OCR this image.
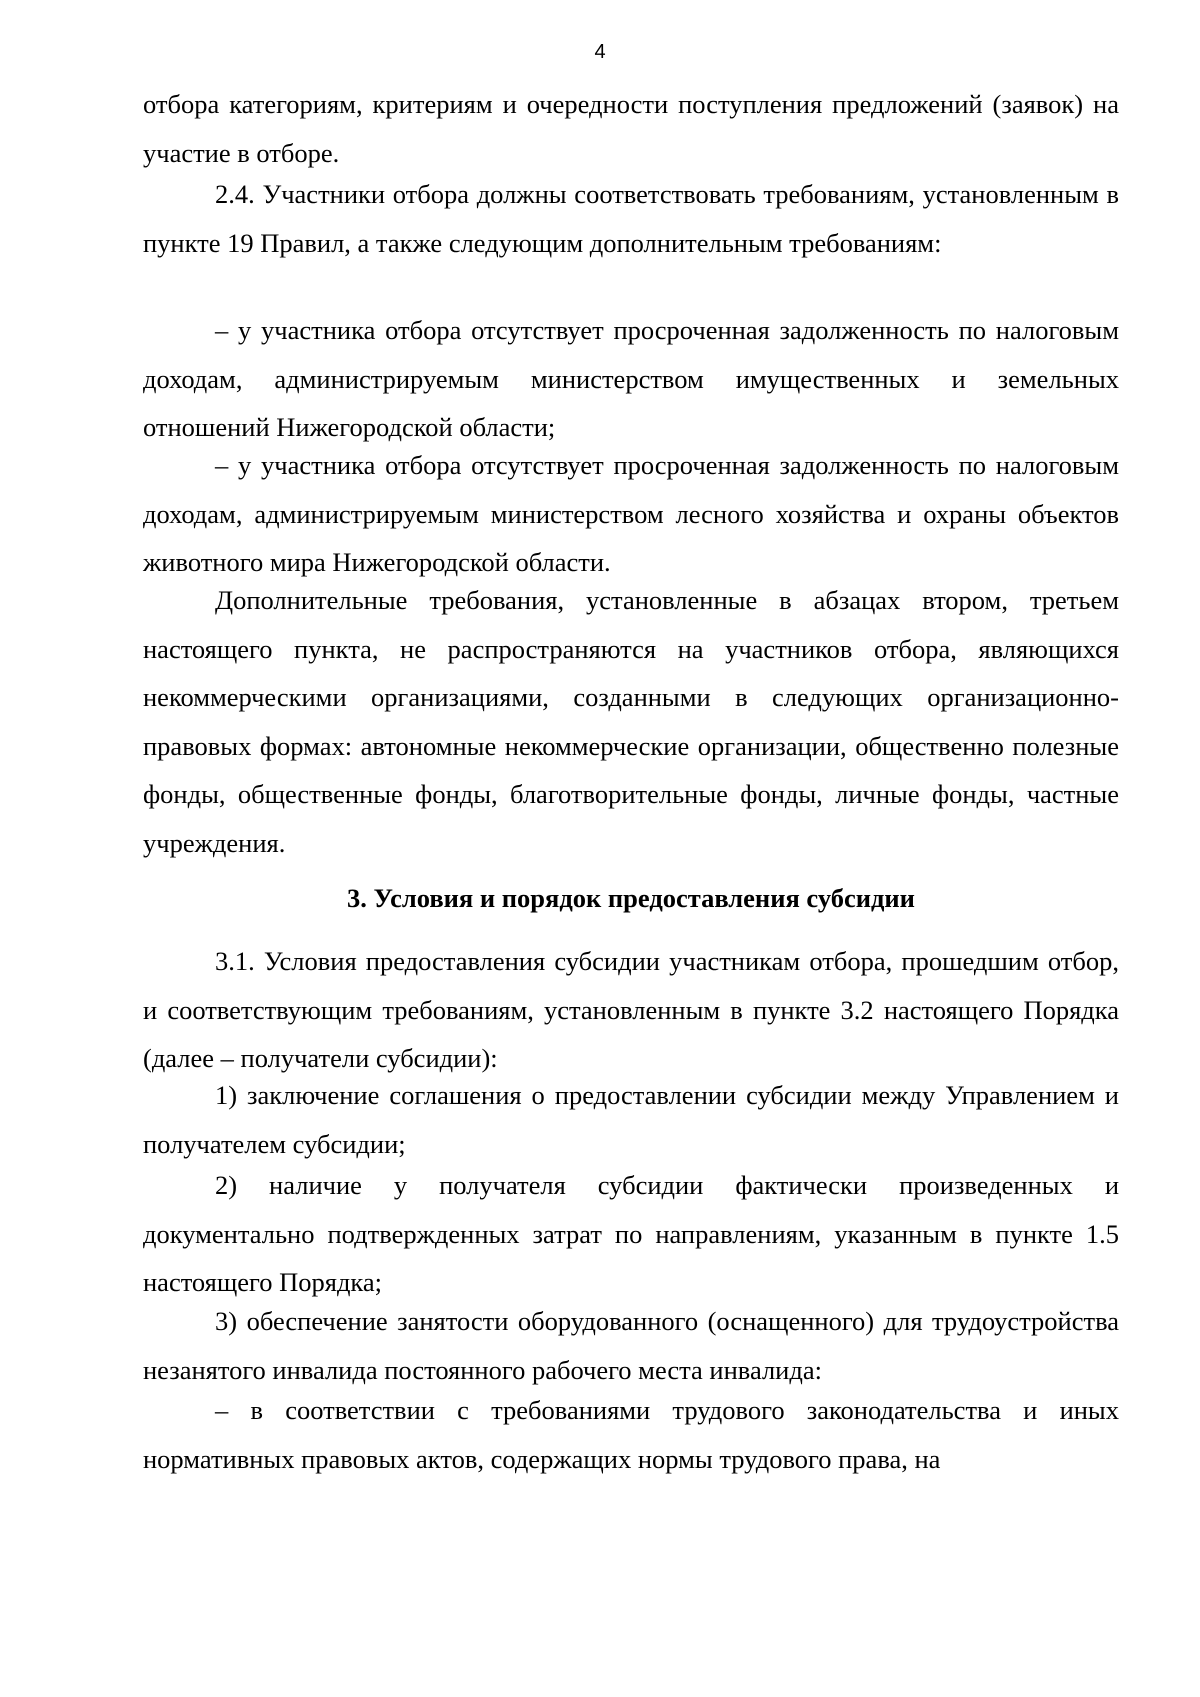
4

отбора категориям, критериям и очередности поступления предложений (заявок) на участие в отборе.

2.4. Участники отбора должны соответствовать требованиям, установленным в пункте 19 Правил, а также следующим дополнительным требованиям:

– у участника отбора отсутствует просроченная задолженность по налоговым доходам, администрируемым министерством имущественных и земельных отношений Нижегородской области;

– у участника отбора отсутствует просроченная задолженность по налоговым доходам, администрируемым министерством лесного хозяйства и охраны объектов животного мира Нижегородской области.

Дополнительные требования, установленные в абзацах втором, третьем настоящего пункта, не распространяются на участников отбора, являющихся некоммерческими организациями, созданными в следующих организационно-правовых формах: автономные некоммерческие организации, общественно полезные фонды, общественные фонды, благотворительные фонды, личные фонды, частные учреждения.

3. Условия и порядок предоставления субсидии

3.1. Условия предоставления субсидии участникам отбора, прошедшим отбор, и соответствующим требованиям, установленным в пункте 3.2 настоящего Порядка (далее – получатели субсидии):

1) заключение соглашения о предоставлении субсидии между Управлением и получателем субсидии;

2) наличие у получателя субсидии фактически произведенных и документально подтвержденных затрат по направлениям, указанным в пункте 1.5 настоящего Порядка;

3) обеспечение занятости оборудованного (оснащенного) для трудоустройства незанятого инвалида постоянного рабочего места инвалида:

– в соответствии с требованиями трудового законодательства и иных нормативных правовых актов, содержащих нормы трудового права, на
